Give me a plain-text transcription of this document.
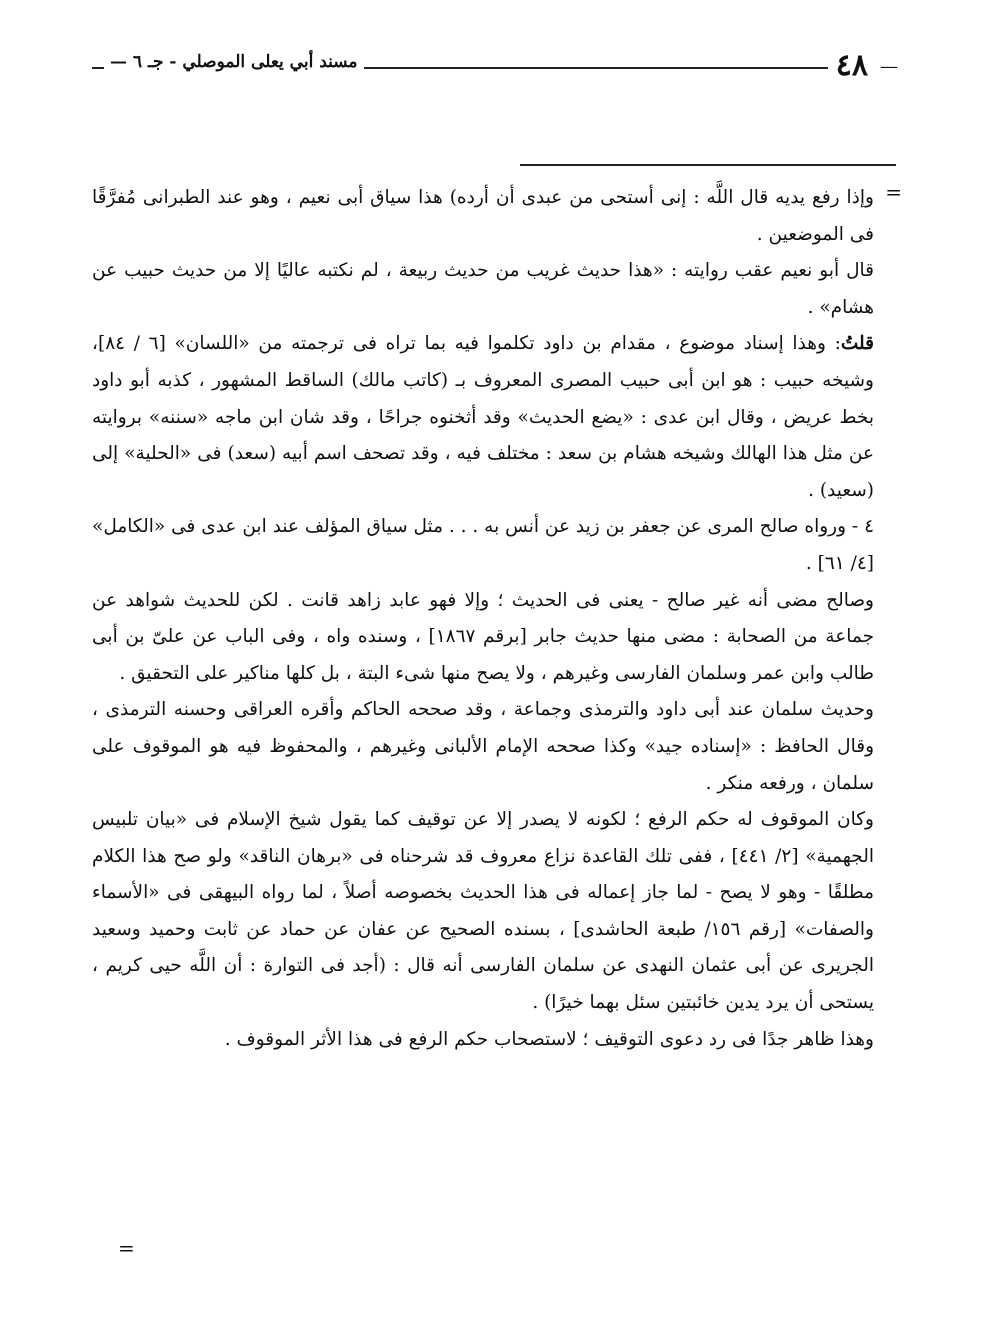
—
٤٨
مسند أبي يعلى الموصلي - جـ ٦ —
=

وإذا رفع يديه قال اللَّه : إنى أستحى من عبدى أن أرده) هذا سياق أبى نعيم ، وهو عند الطبرانى مُفرَّقًا فى الموضعين .

قال أبو نعيم عقب روايته : «هذا حديث غريب من حديث ربيعة ، لم نكتبه عاليًا إلا من حديث حبيب عن هشام» .

قلتُ: وهذا إسناد موضوع ، مقدام بن داود تكلموا فيه بما تراه فى ترجمته من «اللسان» [٦ / ٨٤]، وشيخه حبيب : هو ابن أبى حبيب المصرى المعروف بـ (كاتب مالك) الساقط المشهور ، كذبه أبو داود بخط عريض ، وقال ابن عدى : «يضع الحديث» وقد أثخنوه جراحًا ، وقد شان ابن ماجه «سننه» بروايته عن مثل هذا الهالك وشيخه هشام بن سعد : مختلف فيه ، وقد تصحف اسم أبيه (سعد) فى «الحلية» إلى (سعيد) .

٤ - ورواه صالح المرى عن جعفر بن زيد عن أنس به . . . مثل سياق المؤلف عند ابن عدى فى «الكامل» [٤/ ٦١] .

وصالح مضى أنه غير صالح - يعنى فى الحديث ؛ وإلا فهو عابد زاهد قانت . لكن للحديث شواهد عن جماعة من الصحابة : مضى منها حديث جابر [برقم ١٨٦٧] ، وسنده واه ، وفى الباب عن علىّ بن أبى طالب وابن عمر وسلمان الفارسى وغيرهم ، ولا يصح منها شىء البتة ، بل كلها مناكير على التحقيق .

وحديث سلمان عند أبى داود والترمذى وجماعة ، وقد صححه الحاكم وأقره العراقى وحسنه الترمذى ، وقال الحافظ : «إسناده جيد» وكذا صححه الإمام الألبانى وغيرهم ، والمحفوظ فيه هو الموقوف على سلمان ، ورفعه منكر .

وكان الموقوف له حكم الرفع ؛ لكونه لا يصدر إلا عن توقيف كما يقول شيخ الإسلام فى «بيان تلبيس الجهمية» [٢/ ٤٤١] ، ففى تلك القاعدة نزاع معروف قد شرحناه فى «برهان الناقد» ولو صح هذا الكلام مطلقًا - وهو لا يصح - لما جاز إعماله فى هذا الحديث بخصوصه أصلاً ، لما رواه البيهقى فى «الأسماء والصفات» [رقم ١٥٦/ طبعة الحاشدى] ، بسنده الصحيح عن عفان عن حماد عن ثابت وحميد وسعيد الجريرى عن أبى عثمان النهدى عن سلمان الفارسى أنه قال : (أجد فى التوارة : أن اللَّه حيى كريم ، يستحى أن يرد يدين خائبتين سئل بهما خيرًا) .

وهذا ظاهر جدًا فى رد دعوى التوقيف ؛ لاستصحاب حكم الرفع فى هذا الأثر الموقوف .

=
